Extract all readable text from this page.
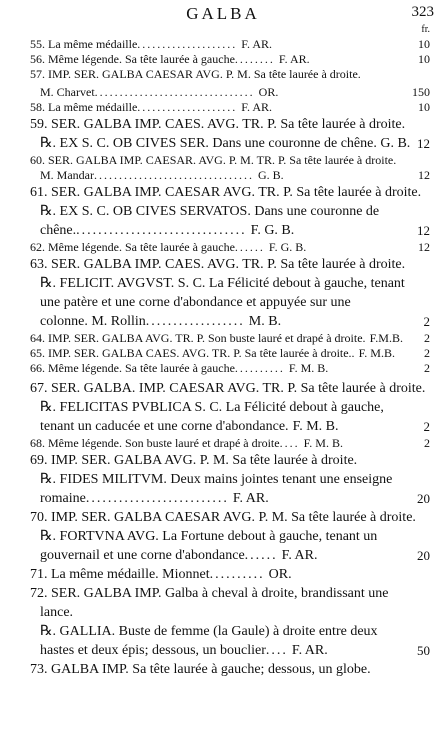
GALBA	323
fr.
55. La même médaille.................... F. AR.	10
56. Même légende. Sa tête laurée à gauche........ F. AR.	10
57. IMP. SER. GALBA CAESAR AVG. P. M. Sa tête laurée à droite.
M. Charvet................................ OR.	150
58. La même médaille.................... F. AR.	10
59. SER. GALBA IMP. CAES. AVG. TR. P. Sa tête laurée à droite.
℞. EX S. C. OB CIVES SER. Dans une couronne de chêne. G. B. 12
60. SER. GALBA IMP. CAESAR. AVG. P. M. TR. P. Sa tête laurée à droite.
M. Mandar................................ G. B.	12
61. SER. GALBA IMP. CAESAR AVG. TR. P. Sa tête laurée à droite.
℞. EX S. C. OB CIVES SERVATOS. Dans une couronne de
chêne................................ F. G. B.	12
62. Même légende. Sa tête laurée à gauche...... F. G. B.	12
63. SER. GALBA IMP. CAES. AVG. TR. P. Sa tête laurée à droite.
℞. FELICIT. AVGVST. S. C. La Félicité debout à gauche, tenant
une patère et une corne d'abondance et appuyée sur une
colonne. M. Rollin.................. M. B.	2
64. IMP. SER. GALBA AVG. TR. P. Son buste lauré et drapé à droite. F.M.B. 2
65. IMP. SER. GALBA CAES. AVG. TR. P. Sa tête laurée à droite.. F. M.B. 2
66. Même légende. Sa tête laurée à gauche.......... F. M. B.	2
67. SER. GALBA. IMP. CAESAR AVG. TR. P. Sa tête laurée à droite.
℞. FELICITAS PVBLICA S. C. La Félicité debout à gauche,
tenant un caducée et une corne d'abondance. F. M. B.	2
68. Même légende. Son buste lauré et drapé à droite.... F. M. B.	2
69. IMP. SER. GALBA AVG. P. M. Sa tête laurée à droite.
℞. FIDES MILITVM. Deux mains jointes tenant une enseigne
romaine.......................... F. AR.	20
70. IMP. SER. GALBA CAESAR AVG. P. M. Sa tête laurée à droite.
℞. FORTVNA AVG. La Fortune debout à gauche, tenant un
gouvernail et une corne d'abondance...... F. AR.	20
71. La même médaille. Mionnet.......... OR.
72. SER. GALBA IMP. Galba à cheval à droite, brandissant une
lance.
℞. GALLIA. Buste de femme (la Gaule) à droite entre deux
hastes et deux épis; dessous, un bouclier.... F. AR.	50
73. GALBA IMP. Sa tête laurée à gauche; dessous, un globe.
